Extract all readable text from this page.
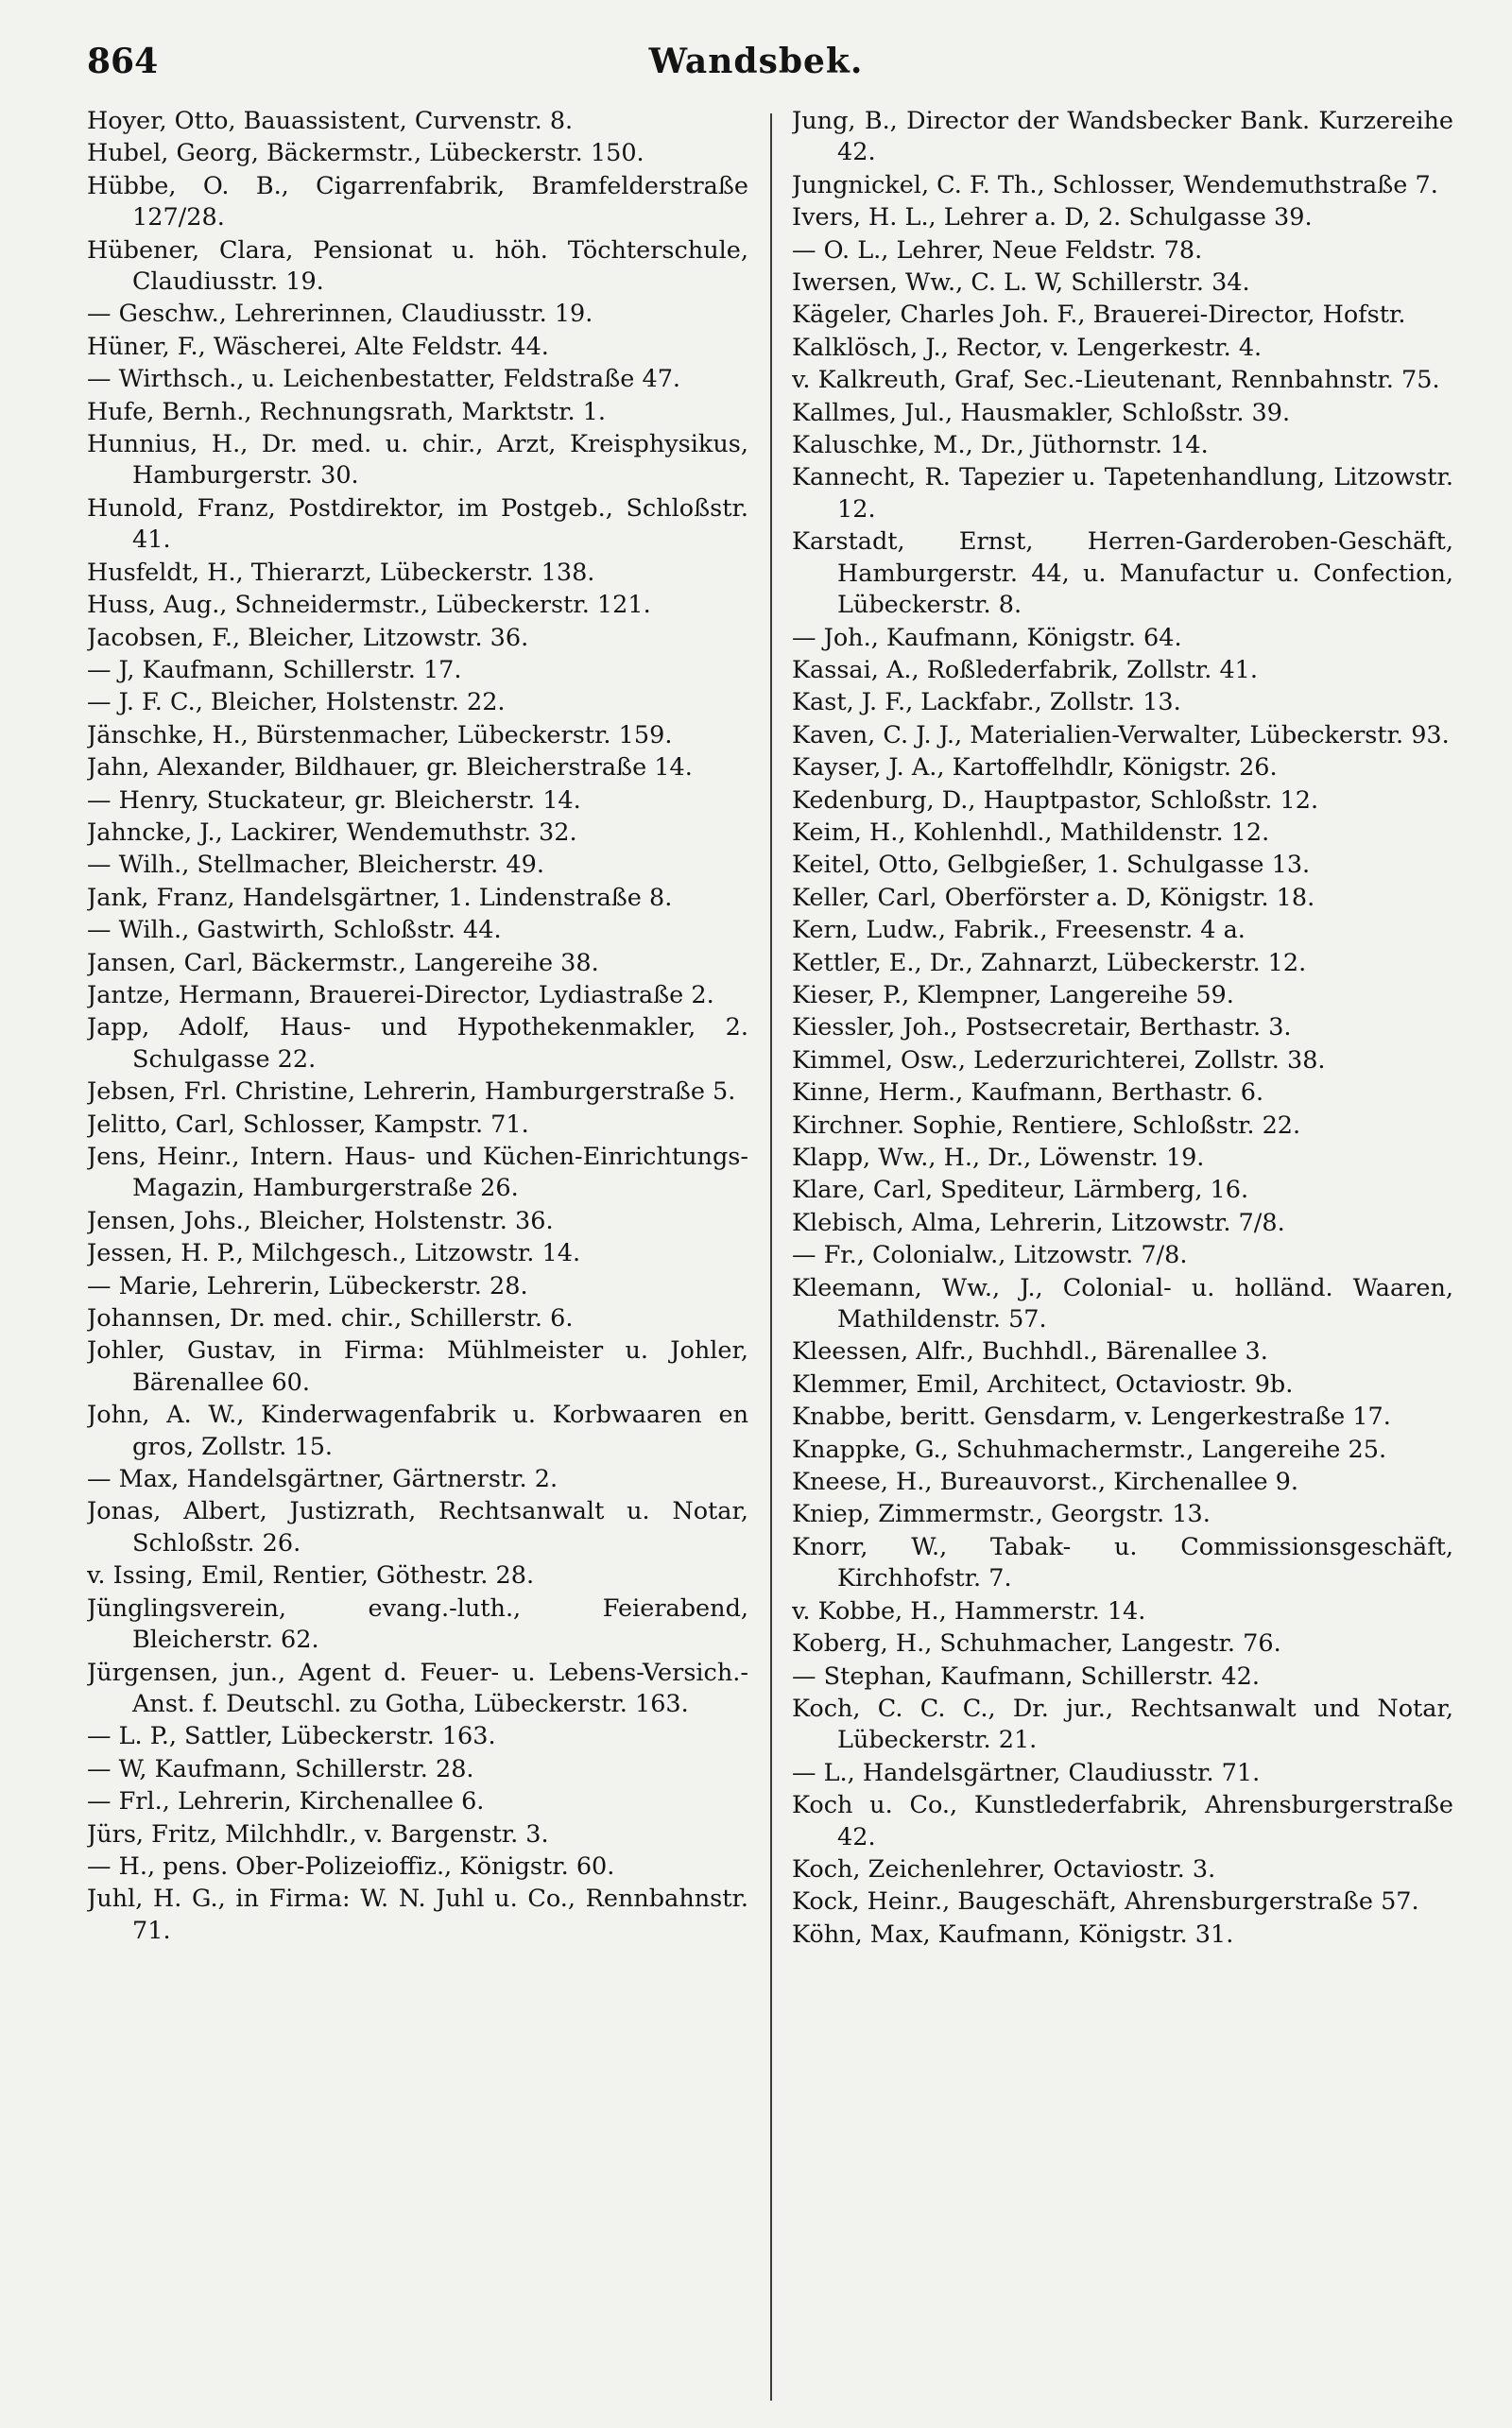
864	Wandsbek.

Hoyer, Otto, Bauassistent, Curvenstr. 8.

Hubel, Georg, Bäckermstr., Lübeckerstr. 150.

Hübbe, O. B., Cigarrenfabrik, Bramfelderstraße 127/28.

Hübener, Clara, Pensionat u. höh. Töchterschule, Claudiusstr. 19.

— Geschw., Lehrerinnen, Claudiusstr. 19.

Hüner, F., Wäscherei, Alte Feldstr. 44.

— Wirthsch., u. Leichenbestatter, Feldstraße 47.

Hufe, Bernh., Rechnungsrath, Marktstr. 1.

Hunnius, H., Dr. med. u. chir., Arzt, Kreisphysikus, Hamburgerstr. 30.

Hunold, Franz, Postdirektor, im Postgeb., Schloßstr. 41.

Husfeldt, H., Thierarzt, Lübeckerstr. 138.

Huss, Aug., Schneidermstr., Lübeckerstr. 121.

Jacobsen, F., Bleicher, Litzowstr. 36.

— J, Kaufmann, Schillerstr. 17.

— J. F. C., Bleicher, Holstenstr. 22.

Jänschke, H., Bürstenmacher, Lübeckerstr. 159.

Jahn, Alexander, Bildhauer, gr. Bleicherstraße 14.

— Henry, Stuckateur, gr. Bleicherstr. 14.

Jahncke, J., Lackirer, Wendemuthstr. 32.

— Wilh., Stellmacher, Bleicherstr. 49.

Jank, Franz, Handelsgärtner, 1. Lindenstraße 8.

— Wilh., Gastwirth, Schloßstr. 44.

Jansen, Carl, Bäckermstr., Langereihe 38.

Jantze, Hermann, Brauerei-Director, Lydiastraße 2.

Japp, Adolf, Haus- und Hypothekenmakler, 2. Schulgasse 22.

Jebsen, Frl. Christine, Lehrerin, Hamburgerstraße 5.

Jelitto, Carl, Schlosser, Kampstr. 71.

Jens, Heinr., Intern. Haus- und Küchen-Einrichtungs-Magazin, Hamburgerstraße 26.

Jensen, Johs., Bleicher, Holstenstr. 36.

Jessen, H. P., Milchgesch., Litzowstr. 14.

— Marie, Lehrerin, Lübeckerstr. 28.

Johannsen, Dr. med. chir., Schillerstr. 6.

Johler, Gustav, in Firma: Mühlmeister u. Johler, Bärenallee 60.

John, A. W., Kinderwagenfabrik u. Korbwaaren en gros, Zollstr. 15.

— Max, Handelsgärtner, Gärtnerstr. 2.

Jonas, Albert, Justizrath, Rechtsanwalt u. Notar, Schloßstr. 26.

v. Issing, Emil, Rentier, Göthestr. 28.

Jünglingsverein, evang.-luth., Feierabend, Bleicherstr. 62.

Jürgensen, jun., Agent d. Feuer- u. Lebens-Versich.-Anst. f. Deutschl. zu Gotha, Lübeckerstr. 163.

— L. P., Sattler, Lübeckerstr. 163.

— W, Kaufmann, Schillerstr. 28.

— Frl., Lehrerin, Kirchenallee 6.

Jürs, Fritz, Milchhdlr., v. Bargenstr. 3.

— H., pens. Ober-Polizeioffiz., Königstr. 60.

Juhl, H. G., in Firma: W. N. Juhl u. Co., Rennbahnstr. 71.

Jung, B., Director der Wandsbecker Bank. Kurzereihe 42.

Jungnickel, C. F. Th., Schlosser, Wendemuthstraße 7.

Ivers, H. L., Lehrer a. D, 2. Schulgasse 39.

— O. L., Lehrer, Neue Feldstr. 78.

Iwersen, Ww., C. L. W, Schillerstr. 34.

Kägeler, Charles Joh. F., Brauerei-Director, Hofstr.

Kalklösch, J., Rector, v. Lengerkestr. 4.

v. Kalkreuth, Graf, Sec.-Lieutenant, Rennbahnstr. 75.

Kallmes, Jul., Hausmakler, Schloßstr. 39.

Kaluschke, M., Dr., Jüthornstr. 14.

Kannecht, R. Tapezier u. Tapetenhandlung, Litzowstr. 12.

Karstadt, Ernst, Herren-Garderoben-Geschäft, Hamburgerstr. 44, u. Manufactur u. Confection, Lübeckerstr. 8.

— Joh., Kaufmann, Königstr. 64.

Kassai, A., Roßlederfabrik, Zollstr. 41.

Kast, J. F., Lackfabr., Zollstr. 13.

Kaven, C. J. J., Materialien-Verwalter, Lübeckerstr. 93.

Kayser, J. A., Kartoffelhdlr, Königstr. 26.

Kedenburg, D., Hauptpastor, Schloßstr. 12.

Keim, H., Kohlenhdl., Mathildenstr. 12.

Keitel, Otto, Gelbgießer, 1. Schulgasse 13.

Keller, Carl, Oberförster a. D, Königstr. 18.

Kern, Ludw., Fabrik., Freesenstr. 4 a.

Kettler, E., Dr., Zahnarzt, Lübeckerstr. 12.

Kieser, P., Klempner, Langereihe 59.

Kiessler, Joh., Postsecretair, Berthastr. 3.

Kimmel, Osw., Lederzurichterei, Zollstr. 38.

Kinne, Herm., Kaufmann, Berthastr. 6.

Kirchner. Sophie, Rentiere, Schloßstr. 22.

Klapp, Ww., H., Dr., Löwenstr. 19.

Klare, Carl, Spediteur, Lärmberg, 16.

Klebisch, Alma, Lehrerin, Litzowstr. 7/8.

— Fr., Colonialw., Litzowstr. 7/8.

Kleemann, Ww., J., Colonial- u. holländ. Waaren, Mathildenstr. 57.

Kleessen, Alfr., Buchhdl., Bärenallee 3.

Klemmer, Emil, Architect, Octaviostr. 9b.

Knabbe, beritt. Gensdarm, v. Lengerkestraße 17.

Knappke, G., Schuhmachermstr., Langereihe 25.

Kneese, H., Bureauvorst., Kirchenallee 9.

Kniep, Zimmermstr., Georgstr. 13.

Knorr, W., Tabak- u. Commissionsgeschäft, Kirchhofstr. 7.

v. Kobbe, H., Hammerstr. 14.

Koberg, H., Schuhmacher, Langestr. 76.

— Stephan, Kaufmann, Schillerstr. 42.

Koch, C. C. C., Dr. jur., Rechtsanwalt und Notar, Lübeckerstr. 21.

— L., Handelsgärtner, Claudiusstr. 71.

Koch u. Co., Kunstlederfabrik, Ahrensburgerstraße 42.

Koch, Zeichenlehrer, Octaviostr. 3.

Kock, Heinr., Baugeschäft, Ahrensburgerstraße 57.

Köhn, Max, Kaufmann, Königstr. 31.
